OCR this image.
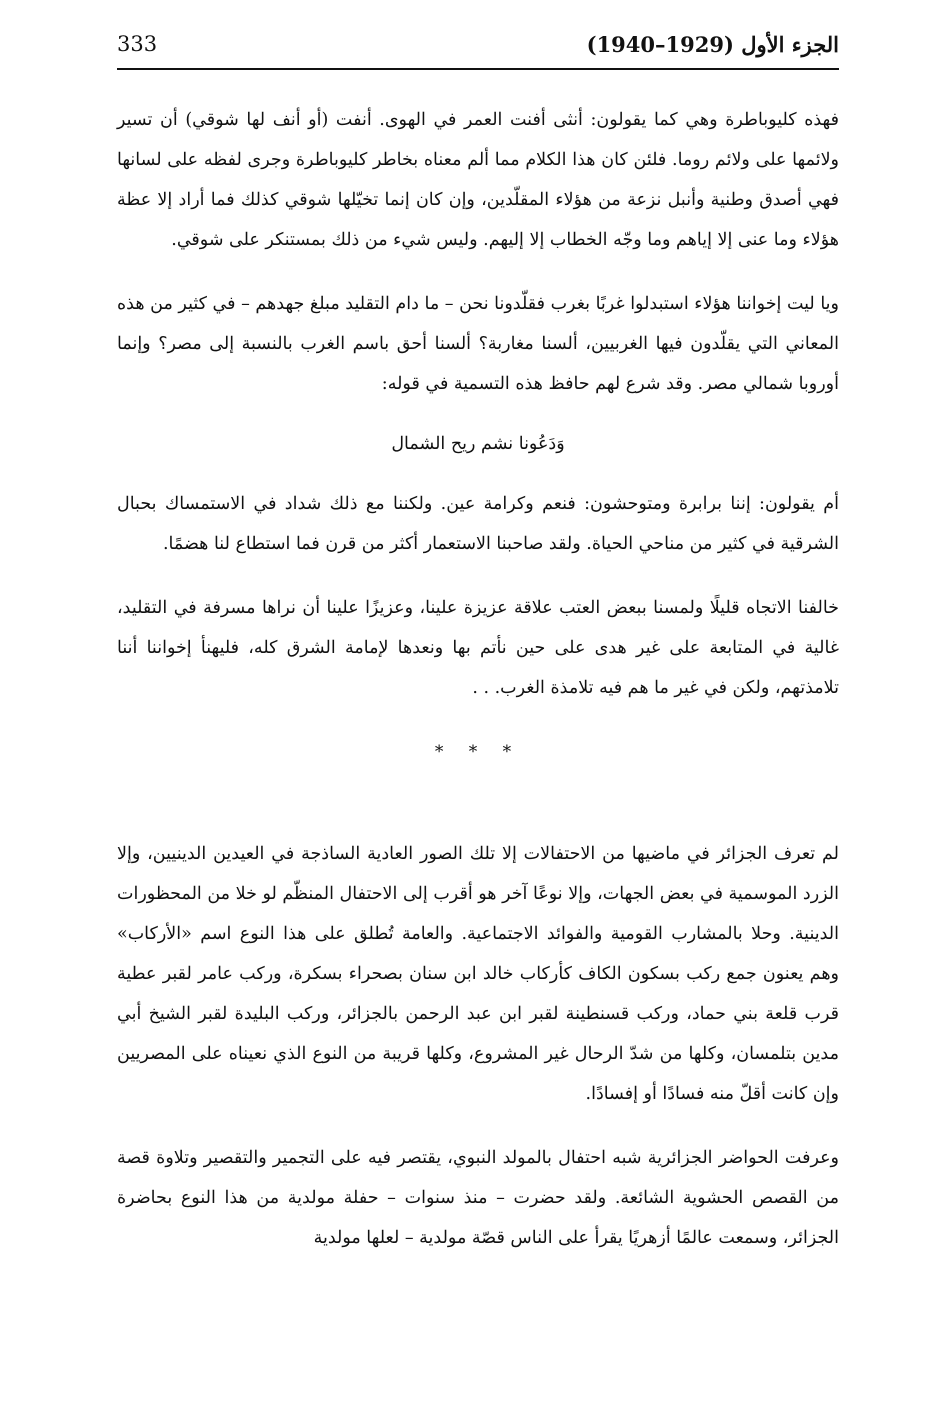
الجزء الأول (1929–1940)
333

فهذه كليوباطرة وهي كما يقولون: أنثى أفنت العمر في الهوى. أنفت (أو أنف لها شوقي) أن تسير ولائمها على ولائم روما. فلئن كان هذا الكلام مما ألم معناه بخاطر كليوباطرة وجرى لفظه على لسانها فهي أصدق وطنية وأنبل نزعة من هؤلاء المقلّدين، وإن كان إنما تخيّلها شوقي كذلك فما أراد إلا عظة هؤلاء وما عنى إلا إياهم وما وجّه الخطاب إلا إليهم. وليس شيء من ذلك بمستنكر على شوقي.

ويا ليت إخواننا هؤلاء استبدلوا غربًا بغرب فقلّدونا نحن – ما دام التقليد مبلغ جهدهم – في كثير من هذه المعاني التي يقلّدون فيها الغربيين، ألسنا مغاربة؟ ألسنا أحق باسم الغرب بالنسبة إلى مصر؟ وإنما أوروبا شمالي مصر. وقد شرع لهم حافظ هذه التسمية في قوله:

وَدَعُونا نشم ريح الشمال

أم يقولون: إننا برابرة ومتوحشون: فنعم وكرامة عين. ولكننا مع ذلك شداد في الاستمساك بحبال الشرقية في كثير من مناحي الحياة. ولقد صاحبنا الاستعمار أكثر من قرن فما استطاع لنا هضمًا.

خالفنا الاتجاه قليلًا ولمسنا ببعض العتب علاقة عزيزة علينا، وعزيزًا علينا أن نراها مسرفة في التقليد، غالية في المتابعة على غير هدى على حين نأتم بها ونعدها لإمامة الشرق كله، فليهنأ إخواننا أننا تلامذتهم، ولكن في غير ما هم فيه تلامذة الغرب. . .

* * *

لم تعرف الجزائر في ماضيها من الاحتفالات إلا تلك الصور العادية الساذجة في العيدين الدينيين، وإلا الزرد الموسمية في بعض الجهات، وإلا نوعًا آخر هو أقرب إلى الاحتفال المنظّم لو خلا من المحظورات الدينية. وحلا بالمشارب القومية والفوائد الاجتماعية. والعامة تُطلق على هذا النوع اسم «الأركاب» وهم يعنون جمع ركب بسكون الكاف كأركاب خالد ابن سنان بصحراء بسكرة، وركب عامر لقبر عطية قرب قلعة بني حماد، وركب قسنطينة لقبر ابن عبد الرحمن بالجزائر، وركب البليدة لقبر الشيخ أبي مدين بتلمسان، وكلها من شدّ الرحال غير المشروع، وكلها قريبة من النوع الذي نعيناه على المصريين وإن كانت أقلّ منه فسادًا أو إفسادًا.

وعرفت الحواضر الجزائرية شبه احتفال بالمولد النبوي، يقتصر فيه على التجمير والتقصير وتلاوة قصة من القصص الحشوية الشائعة. ولقد حضرت – منذ سنوات – حفلة مولدية من هذا النوع بحاضرة الجزائر، وسمعت عالمًا أزهريًا يقرأ على الناس قصّة مولدية – لعلها مولدية
